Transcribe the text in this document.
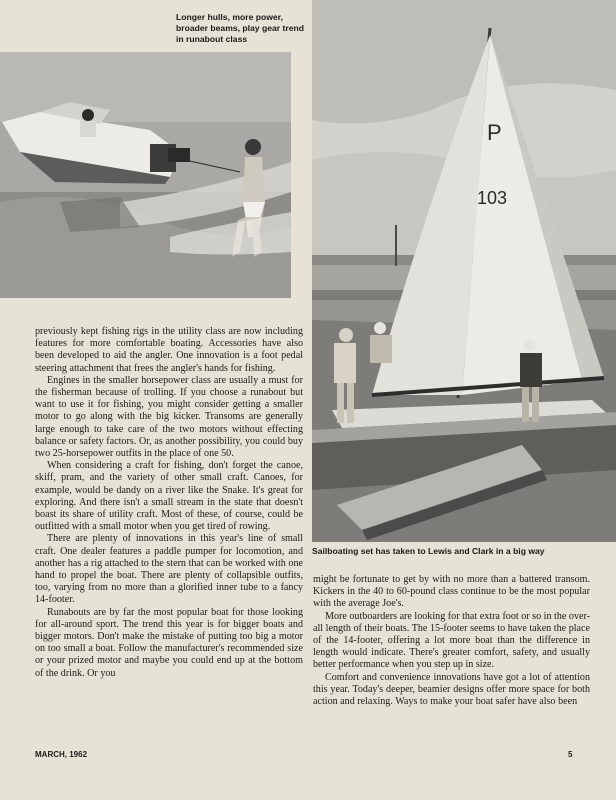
Longer hulls, more power, broader beams, play gear trend in runabout class
P
103
Sailboating set has taken to Lewis and Clark in a big way

previously kept fishing rigs in the utility class are now including features for more comfortable boating. Accessories have also been developed to aid the angler. One innovation is a foot pedal steering attachment that frees the angler's hands for fishing.

Engines in the smaller horsepower class are usually a must for the fisherman because of trolling. If you choose a runabout but want to use it for fishing, you might consider getting a smaller motor to go along with the big kicker. Transoms are generally large enough to take care of the two motors without effecting balance or safety factors. Or, as another possibility, you could buy two 25-horsepower outfits in the place of one 50.

When considering a craft for fishing, don't forget the canoe, skiff, pram, and the variety of other small craft. Canoes, for example, would be dandy on a river like the Snake. It's great for exploring. And there isn't a small stream in the state that doesn't boast its share of utility craft. Most of these, of course, could be outfitted with a small motor when you get tired of rowing.

There are plenty of innovations in this year's line of small craft. One dealer features a paddle pumper for locomotion, and another has a rig attached to the stern that can be worked with one hand to propel the boat. There are plenty of collapsible outfits, too, varying from no more than a glorified inner tube to a fancy 14-footer.

Runabouts are by far the most popular boat for those looking for all-around sport. The trend this year is for bigger boats and bigger motors. Don't make the mistake of putting too big a motor on too small a boat. Follow the manufacturer's recommended size or your prized motor and maybe you could end up at the bottom of the drink. Or you

might be fortunate to get by with no more than a battered transom. Kickers in the 40 to 60-pound class continue to be the most popular with the average Joe's.

More outboarders are looking for that extra foot or so in the over-all length of their boats. The 15-footer seems to have taken the place of the 14-footer, offering a lot more boat than the difference in length would indicate. There's greater comfort, safety, and usually better performance when you step up in size.

Comfort and convenience innovations have got a lot of attention this year. Today's deeper, beamier designs offer more space for both action and relaxing. Ways to make your boat safer have also been

MARCH, 1962	5
